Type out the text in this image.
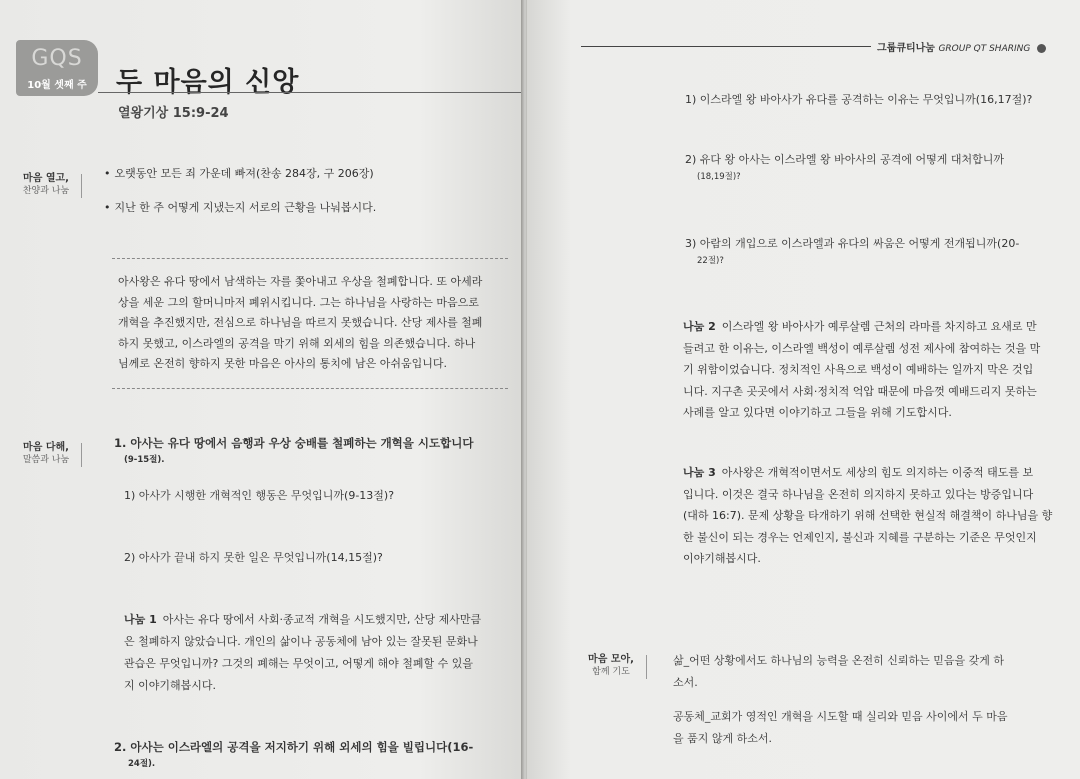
GQS
10월 셋째 주	두 마음의 신앙
열왕기상 15:9-24
마음 열고,
찬양과 나눔
• 오랫동안 모든 죄 가운데 빠져(찬송 284장, 구 206장)
• 지난 한 주 어떻게 지냈는지 서로의 근황을 나눠봅시다.
아사왕은 유다 땅에서 남색하는 자를 쫓아내고 우상을 철폐합니다. 또 아세라
상을 세운 그의 할머니마저 폐위시킵니다. 그는 하나님을 사랑하는 마음으로
개혁을 추진했지만, 전심으로 하나님을 따르지 못했습니다. 산당 제사를 철폐
하지 못했고, 이스라엘의 공격을 막기 위해 외세의 힘을 의존했습니다. 하나
님께로 온전히 향하지 못한 마음은 아사의 통치에 남은 아쉬움입니다.
마음 다해,
말씀과 나눔
1. 아사는 유다 땅에서 음행과 우상 숭배를 철폐하는 개혁을 시도합니다
(9-15절).
1) 아사가 시행한 개혁적인 행동은 무엇입니까(9-13절)?
2) 아사가 끝내 하지 못한 일은 무엇입니까(14,15절)?
나눔 1 아사는 유다 땅에서 사회·종교적 개혁을 시도했지만, 산당 제사만큼
은 철폐하지 않았습니다. 개인의 삶이나 공동체에 남아 있는 잘못된 문화나
관습은 무엇입니까? 그것의 폐해는 무엇이고, 어떻게 해야 철폐할 수 있을
지 이야기해봅시다.
2. 아사는 이스라엘의 공격을 저지하기 위해 외세의 힘을 빌립니다(16-
24절).
그룹큐티나눔 GROUP QT SHARING
1) 이스라엘 왕 바아사가 유다를 공격하는 이유는 무엇입니까(16,17절)?
2) 유다 왕 아사는 이스라엘 왕 바아사의 공격에 어떻게 대처합니까
(18,19절)?
3) 아람의 개입으로 이스라엘과 유다의 싸움은 어떻게 전개됩니까(20-
22절)?
나눔 2 이스라엘 왕 바아사가 예루살렘 근처의 라마를 차지하고 요새로 만
들려고 한 이유는, 이스라엘 백성이 예루살렘 성전 제사에 참여하는 것을 막
기 위함이었습니다. 정치적인 사욕으로 백성이 예배하는 일까지 막은 것입
니다. 지구촌 곳곳에서 사회·정치적 억압 때문에 마음껏 예배드리지 못하는
사례를 알고 있다면 이야기하고 그들을 위해 기도합시다.
나눔 3 아사왕은 개혁적이면서도 세상의 힘도 의지하는 이중적 태도를 보
입니다. 이것은 결국 하나님을 온전히 의지하지 못하고 있다는 방증입니다
(대하 16:7). 문제 상황을 타개하기 위해 선택한 현실적 해결책이 하나님을 향
한 불신이 되는 경우는 언제인지, 불신과 지혜를 구분하는 기준은 무엇인지
이야기해봅시다.
마음 모아,
함께 기도
삶_어떤 상황에서도 하나님의 능력을 온전히 신뢰하는 믿음을 갖게 하
소서.
공동체_교회가 영적인 개혁을 시도할 때 실리와 믿음 사이에서 두 마음
을 품지 않게 하소서.
